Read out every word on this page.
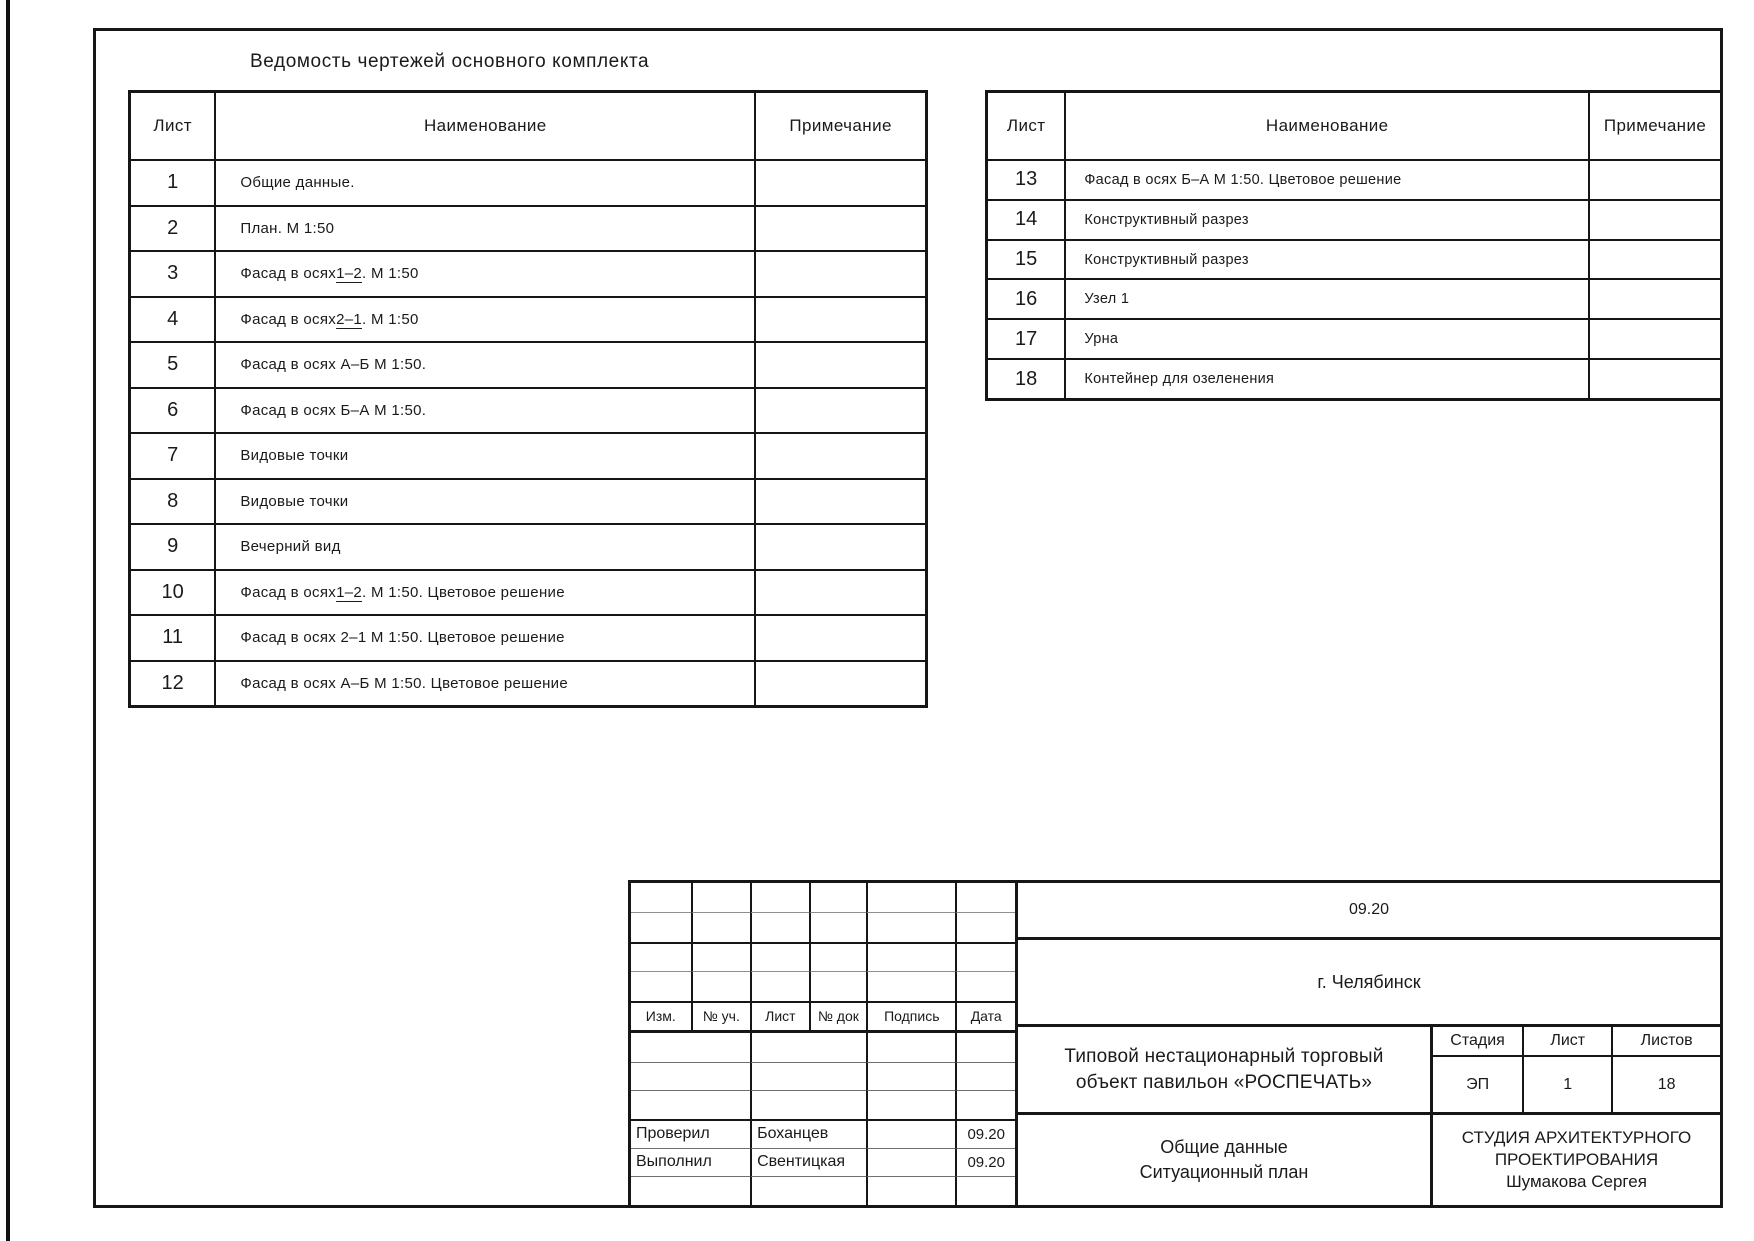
Ведомость чертежей основного комплекта
Лист	Наименование	Примечание
1	Общие данные.
2	План. М 1:50
3	Фасад в осях 1–2 . М 1:50
4	Фасад в осях 2–1 . М 1:50
5	Фасад в осях А–Б М 1:50.
6	Фасад в осях Б–А М 1:50.
7	Видовые точки
8	Видовые точки
9	Вечерний вид
10	Фасад в осях 1–2 . М 1:50. Цветовое решение
11	Фасад в осях 2–1 М 1:50. Цветовое решение
12	Фасад в осях А–Б М 1:50. Цветовое решение
Лист	Наименование	Примечание
13	Фасад в осях Б–А М 1:50. Цветовое решение
14	Конструктивный разрез
15	Конструктивный разрез
16	Узел 1
17	Урна
18	Контейнер для озеленения
Изм.	№ уч.	Лист	№ док	Подпись	Дата
Проверил	Боханцев	09.20
Выполнил	Свентицкая	09.20
09.20
г. Челябинск
Типовой нестационарный торговый
объект павильон «РОСПЕЧАТЬ»
Стадия	Лист	Листов
ЭП	1	18
Общие данные
Ситуационный план
СТУДИЯ АРХИТЕКТУРНОГО
ПРОЕКТИРОВАНИЯ
Шумакова Сергея
